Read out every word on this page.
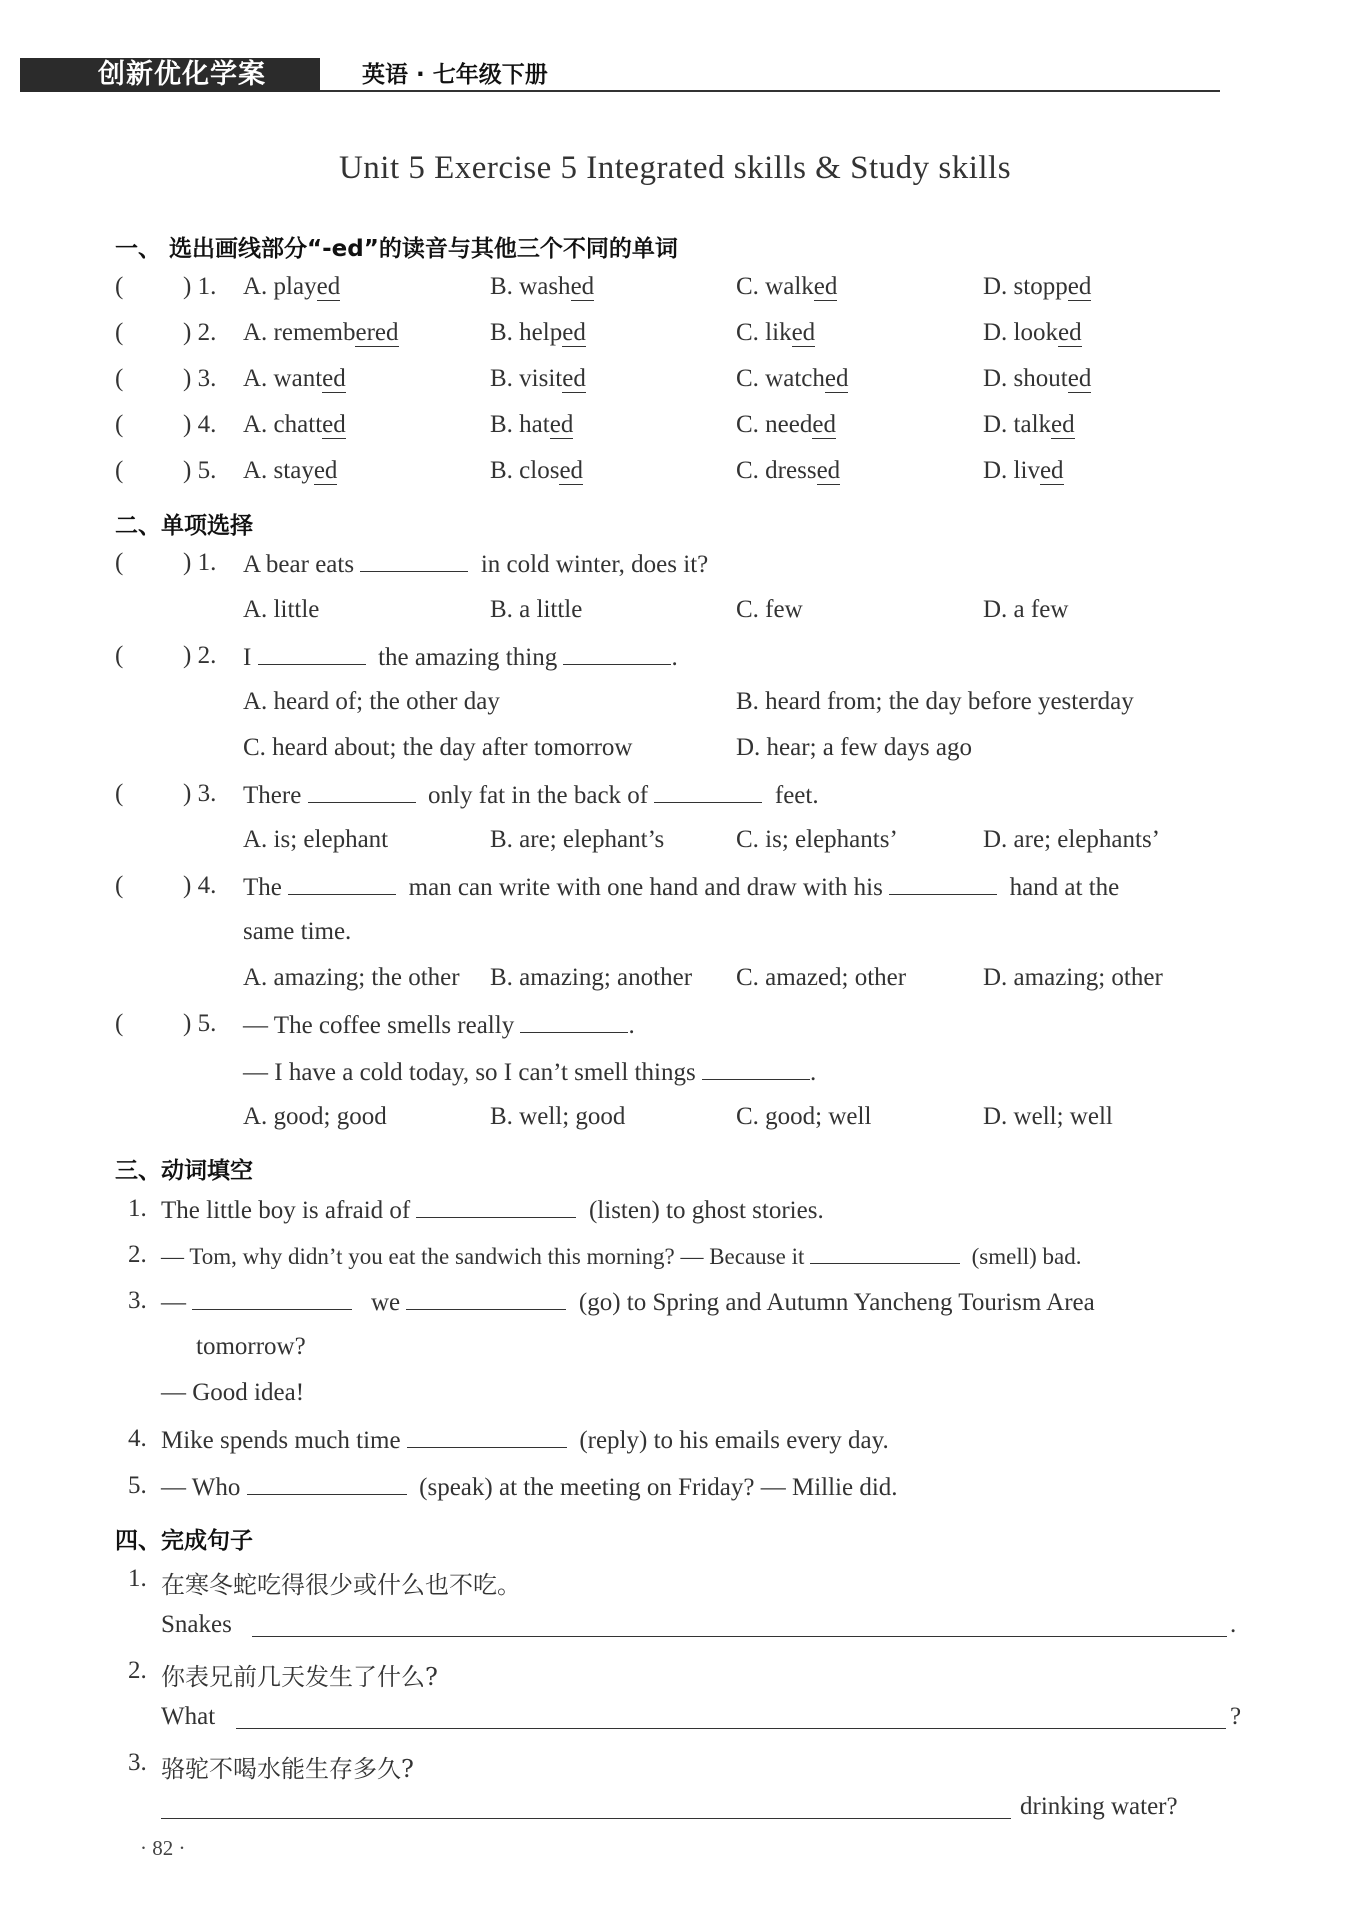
创新优化学案	英语 · 七年级下册
Unit 5 Exercise 5 Integrated skills & Study skills
一、 选出画线部分“-ed”的读音与其他三个不同的单词
( ) 1. A. played	B. washed	C. walked	D. stopped
( ) 2. A. remembered	B. helped	C. liked	D. looked
( ) 3. A. wanted	B. visited	C. watched	D. shouted
( ) 4. A. chatted	B. hated	C. needed	D. talked
( ) 5. A. stayed	B. closed	C. dressed	D. lived
二、单项选择
( ) 1. A bear eats	in cold winter, does it?
A. little	B. a little	C. few	D. a few
( ) 2. I	the amazing thing	.
A. heard of; the other day	B. heard from; the day before yesterday
C. heard about; the day after tomorrow	D. hear; a few days ago
( ) 3. There	only fat in the back of	feet.
A. is; elephant	B. are; elephant’s	C. is; elephants’	D. are; elephants’
( ) 4. The	man can write with one hand and draw with his	hand at the
same time.
A. amazing; the other B. amazing; another C. amazed; other	D. amazing; other
( ) 5. — The coffee smells really	.
— I have a cold today, so I can’t smell things	.
A. good; good	B. well; good	C. good; well	D. well; well
三、动词填空
1. The little boy is afraid of	(listen) to ghost stories.
2. — Tom, why didn’t you eat the sandwich this morning? — Because it	(smell) bad.
3. —	we	(go) to Spring and Autumn Yancheng Tourism Area
tomorrow?
— Good idea!
4. Mike spends much time	(reply) to his emails every day.
5. — Who	(speak) at the meeting on Friday? — Millie did.
四、完成句子
1. 在寒冬蛇吃得很少或什么也不吃。
Snakes	.
2. 你表兄前几天发生了什么?
What	?
3. 骆驼不喝水能生存多久?
drinking water?
· 82 ·
